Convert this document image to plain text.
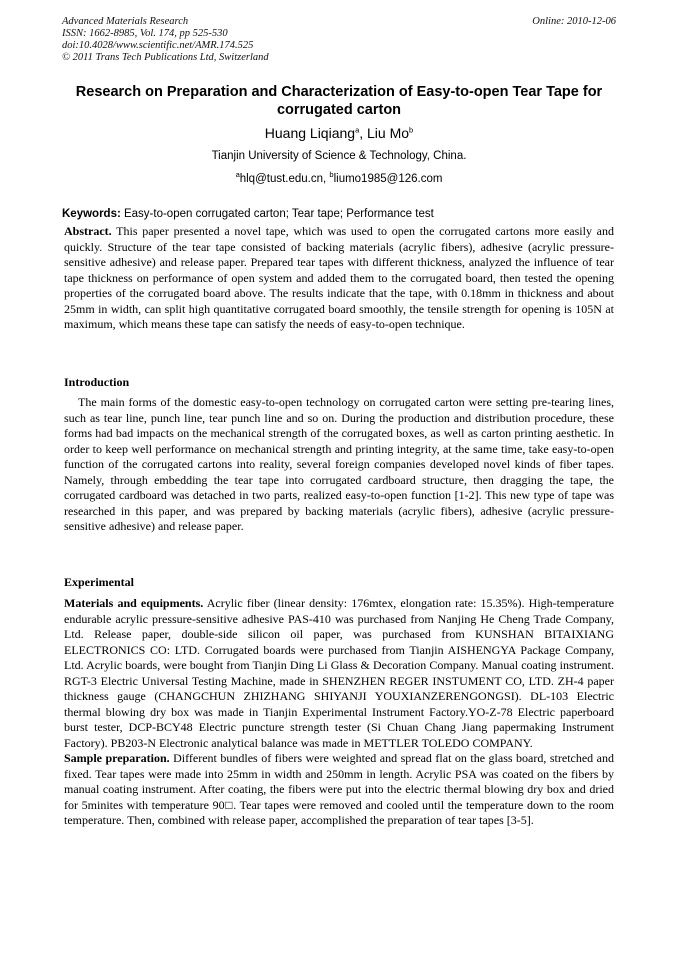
Advanced Materials Research
ISSN: 1662-8985, Vol. 174, pp 525-530
doi:10.4028/www.scientific.net/AMR.174.525
© 2011 Trans Tech Publications Ltd, Switzerland
Online: 2010-12-06
Research on Preparation and Characterization of Easy-to-open Tear Tape for corrugated carton
Huang Liqiang$^a$, Liu Mo$^b$
Tianjin University of Science & Technology, China.
$^a$hlq@tust.edu.cn, $^b$liumo1985@126.com
Keywords: Easy-to-open corrugated carton; Tear tape; Performance test

Abstract. This paper presented a novel tape, which was used to open the corrugated cartons more easily and quickly. Structure of the tear tape consisted of backing materials (acrylic fibers), adhesive (acrylic pressure-sensitive adhesive) and release paper. Prepared tear tapes with different thickness, analyzed the influence of tear tape thickness on performance of open system and added them to the corrugated board, then tested the opening properties of the corrugated board above. The results indicate that the tape, with 0.18mm in thickness and about 25mm in width, can split high quantitative corrugated board smoothly, the tensile strength for opening is 105N at maximum, which means these tape can satisfy the needs of easy-to-open technique.

Introduction

The main forms of the domestic easy-to-open technology on corrugated carton were setting pre-tearing lines, such as tear line, punch line, tear punch line and so on. During the production and distribution procedure, these forms had bad impacts on the mechanical strength of the corrugated boxes, as well as carton printing aesthetic. In order to keep well performance on mechanical strength and printing integrity, at the same time, take easy-to-open function of the corrugated cartons into reality, several foreign companies developed novel kinds of fiber tapes. Namely, through embedding the tear tape into corrugated cardboard structure, then dragging the tape, the corrugated cardboard was detached in two parts, realized easy-to-open function [1-2]. This new type of tape was researched in this paper, and was prepared by backing materials (acrylic fibers), adhesive (acrylic pressure-sensitive adhesive) and release paper.

Experimental

Materials and equipments. Acrylic fiber (linear density: 176mtex, elongation rate: 15.35%). High-temperature endurable acrylic pressure-sensitive adhesive PAS-410 was purchased from Nanjing He Cheng Trade Company, Ltd. Release paper, double-side silicon oil paper, was purchased from KUNSHAN BITAIXIANG ELECTRONICS CO: LTD. Corrugated boards were purchased from Tianjin AISHENGYA Package Company, Ltd. Acrylic boards, were bought from Tianjin Ding Li Glass & Decoration Company. Manual coating instrument. RGT-3 Electric Universal Testing Machine, made in SHENZHEN REGER INSTUMENT CO, LTD. ZH-4 paper thickness gauge (CHANGCHUN ZHIZHANG SHIYANJI YOUXIANZERENGONGSI). DL-103 Electric thermal blowing dry box was made in Tianjin Experimental Instrument Factory.YO-Z-78 Electric paperboard burst tester, DCP-BCY48 Electric puncture strength tester (Si Chuan Chang Jiang papermaking Instrument Factory). PB203-N Electronic analytical balance was made in METTLER TOLEDO COMPANY.

Sample preparation. Different bundles of fibers were weighted and spread flat on the glass board, stretched and fixed. Tear tapes were made into 25mm in width and 250mm in length. Acrylic PSA was coated on the fibers by manual coating instrument. After coating, the fibers were put into the electric thermal blowing dry box and dried for 5minites with temperature 90□. Tear tapes were removed and cooled until the temperature down to the room temperature. Then, combined with release paper, accomplished the preparation of tear tapes [3-5].
